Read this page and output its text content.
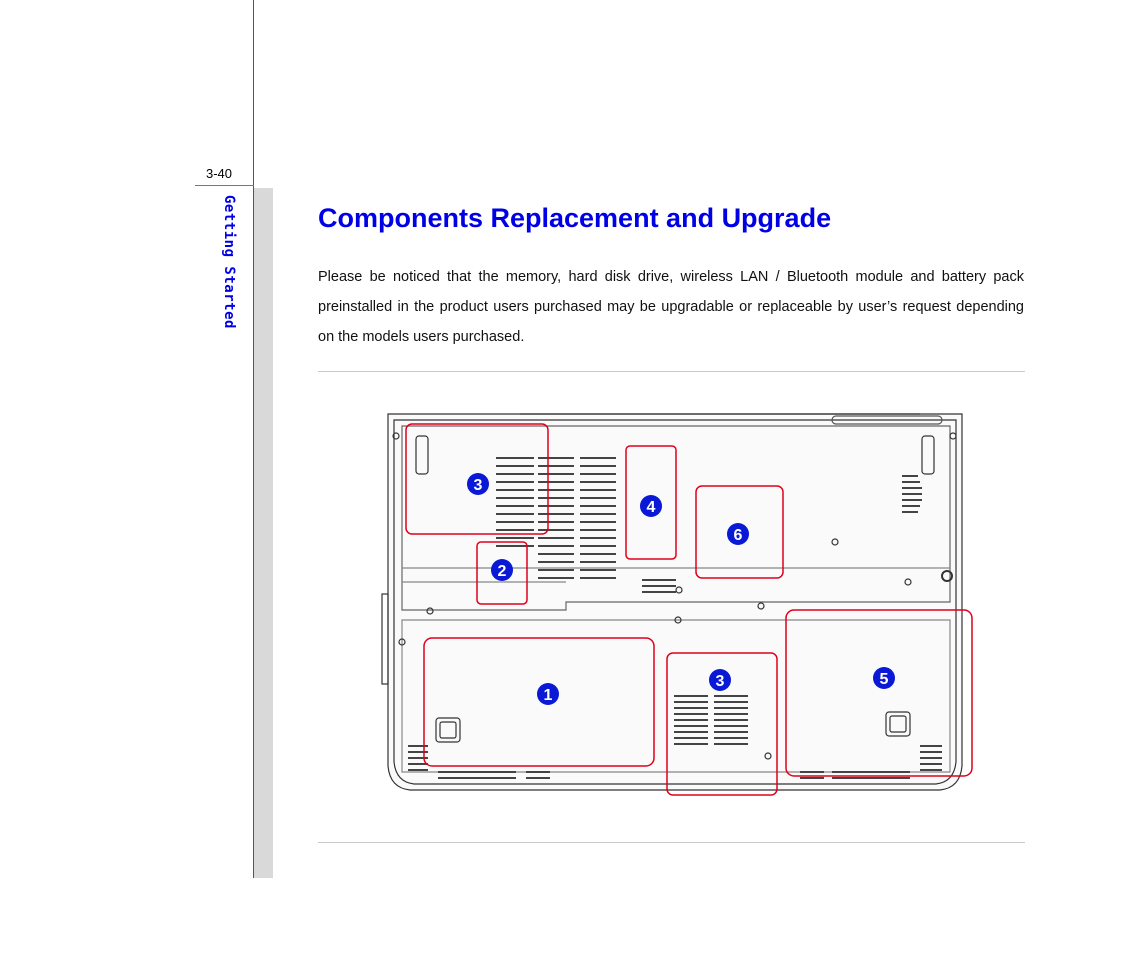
3-40
Getting Started	Components Replacement and Upgrade

Please be noticed that the memory, hard disk drive, wireless LAN / Bluetooth module and battery pack preinstalled in the product users purchased may be upgradable or replaceable by user’s request depending on the models users purchased.

3
2
4
6
1
3	5
